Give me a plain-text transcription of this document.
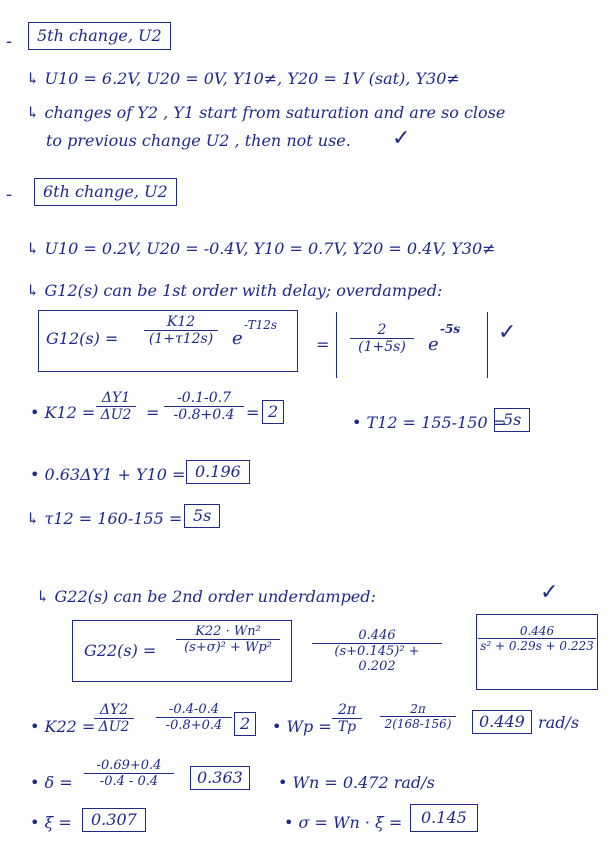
-	5th change, U2
↳ U10 = 6.2V, U20 = 0V, Y10≠, Y20 = 1V (sat), Y30≠
↳ changes of Y2 , Y1 start from saturation and are so close
to previous change U2 , then not use. ✓
-	6th change, U2
↳ U10 = 0.2V, U20 = -0.4V, Y10 = 0.7V, Y20 = 0.4V, Y30≠
↳ G12(s) can be 1st order with delay; overdamped:
$G12(s) = \frac{K12}{(1+\tau 12s)}$ e
-T12s
= $\frac{2}{(1+5s)}$ e
-5s ✓
• $K12 = \frac{\Delta Y1}{\Delta U2} = \frac{-0.1-0.7}{-0.8+0.4} = 2$
• T12 = 155-150 =
5s
• 0.63ΔY1 + Y10 = 0.196
↳ τ12 = 160-155 = 5s
↳ G22(s) can be 2nd order underdamped:	✓
$G22(s) = \frac{\text{K22 · Wn²}}{\text{(s+σ)² + Wp²}} \frac{0.446}{\text{(s+0.145)² + 0.202}}$	$\frac{0.446}{\text{s² + 0.29s + 0.223}}$
• K22 =
$\frac{\Delta Y2}{\Delta U2} \frac{-0.4-0.4}{-0.8+0.4} 2$	• $Wp = \frac{2\pi}{Tp} \frac{2\pi}{2(168-156)}$	0.449 rad/s
• $\delta = \frac{-0.69+0.4}{-0.4 - 0.4}$	0.363	• Wn = 0.472 rad/s
• ξ =	0.307	• σ = Wn · ξ =	0.145
